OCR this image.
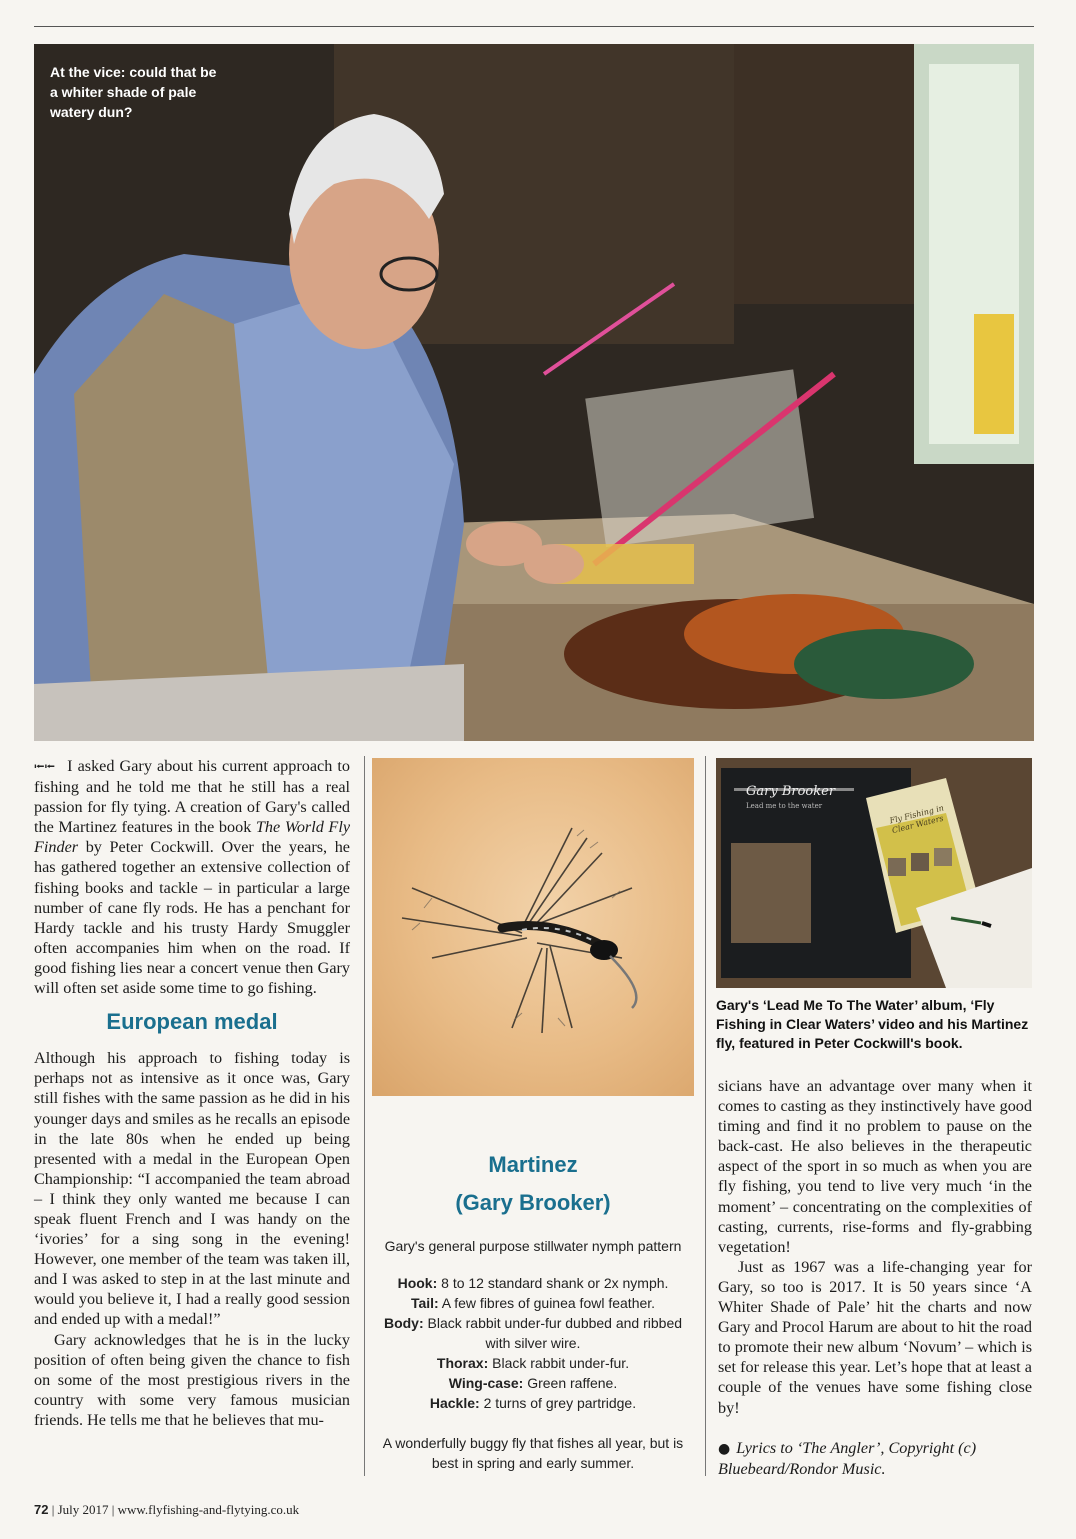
At the vice: could that be
a whiter shade of pale
watery dun?

⭰⭰ I asked Gary about his current approach to fishing and he told me that he still has a real passion for fly tying. A creation of Gary's called the Martinez features in the book The World Fly Finder by Peter Cockwill. Over the years, he has gathered together an extensive collection of fishing books and tackle – in particular a large number of cane fly rods. He has a penchant for Hardy tackle and his trusty Hardy Smuggler often accompanies him when on the road. If good fishing lies near a concert venue then Gary will often set aside some time to go fishing.

European medal

Although his approach to fishing today is perhaps not as intensive as it once was, Gary still fishes with the same passion as he did in his younger days and smiles as he recalls an episode in the late 80s when he ended up being presented with a medal in the European Open Championship: “I accompanied the team abroad – I think they only wanted me because I can speak fluent French and I was handy on the ‘ivories’ for a sing song in the evening! However, one member of the team was taken ill, and I was asked to step in at the last minute and would you believe it, I had a really good session and ended up with a medal!”

Gary acknowledges that he is in the lucky position of often being given the chance to fish on some of the most prestigious rivers in the country with some very famous musician friends. He tells me that he believes that mu-

Martinez
(Gary Brooker)
Gary's general purpose stillwater nymph pattern
Hook: 8 to 12 standard shank or 2x nymph.
Tail: A few fibres of guinea fowl feather.
Body: Black rabbit under-fur dubbed and ribbed with silver wire.
Thorax: Black rabbit under-fur.
Wing-case: Green raffene.
Hackle: 2 turns of grey partridge.
A wonderfully buggy fly that fishes all year, but is best in spring and early summer.
Gary Brooker
Lead me to the water	Fly Fishing in Clear Waters
Gary's ‘Lead Me To The Water’ album, ‘Fly Fishing in Clear Waters’ video and his Martinez fly, featured in Peter Cockwill's book.

sicians have an advantage over many when it comes to casting as they instinctively have good timing and find it no problem to pause on the back-cast. He also believes in the therapeutic aspect of the sport in so much as when you are fly fishing, you tend to live very much ‘in the moment’ – concentrating on the complexities of casting, currents, rise-forms and fly-grabbing vegetation!

Just as 1967 was a life-changing year for Gary, so too is 2017. It is 50 years since ‘A Whiter Shade of Pale’ hit the charts and now Gary and Procol Harum are about to hit the road to promote their new album ‘Novum’ – which is set for release this year. Let’s hope that at least a couple of the venues have some fishing close by!

● Lyrics to ‘The Angler’, Copyright (c) Bluebeard/Rondor Music.

72 | July 2017 | www.flyfishing-and-flytying.co.uk
